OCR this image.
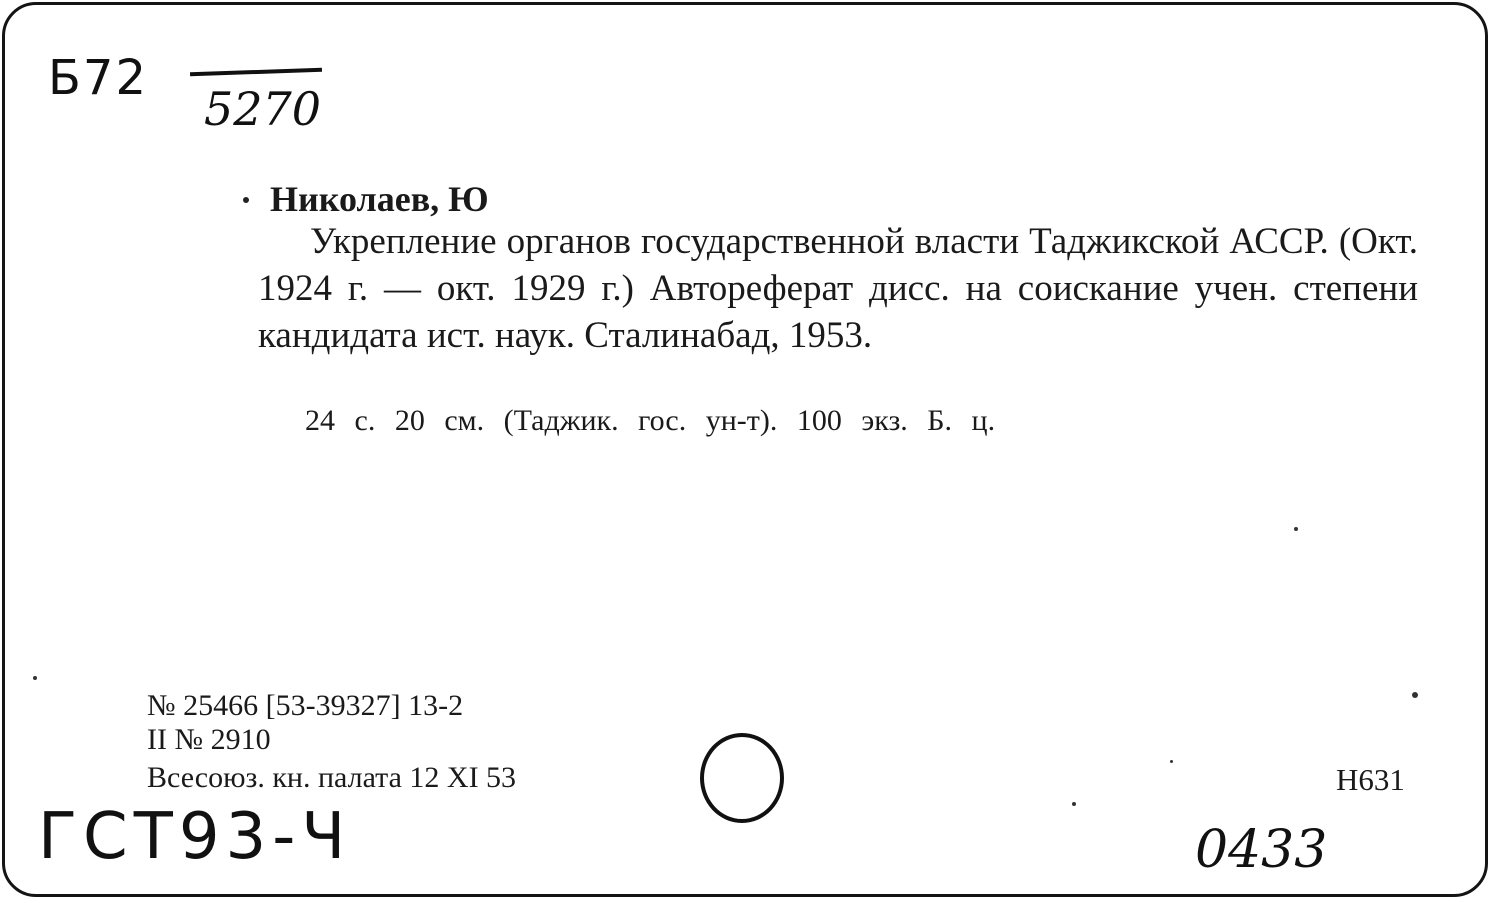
Б72
5270
Николаев, Ю
Укрепление органов государственной власти Таджикской АССР. (Окт. 1924 г. — окт. 1929 г.) Автореферат дисс. на соискание учен. степени кандидата ист. наук. Сталинабад, 1953.
24 с. 20 см. (Таджик. гос. ун-т). 100 экз. Б. ц.
№ 25466 [53-39327] 13-2
II № 2910
Всесоюз. кн. палата 12 XI 53	Н631
ГСТ93-Ч	0433
